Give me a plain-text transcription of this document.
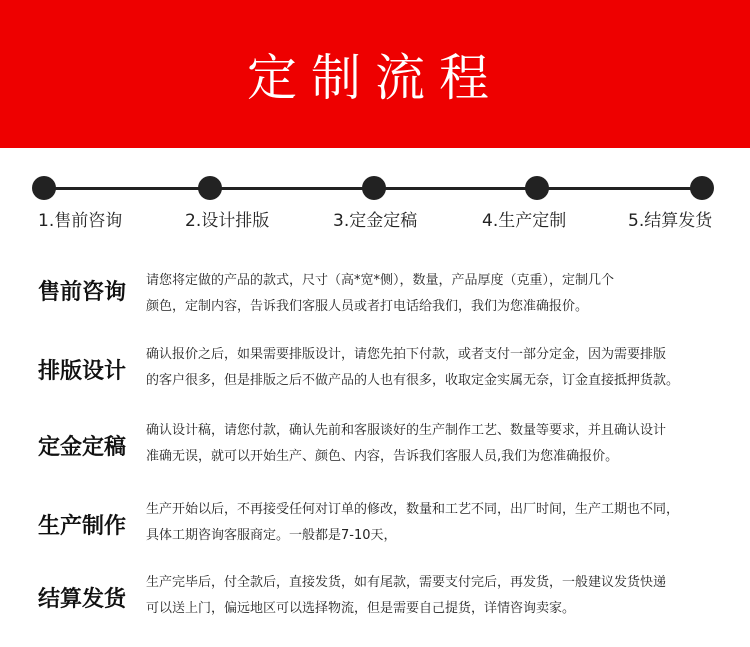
定制流程
1.售前咨询	2.设计排版	3.定金定稿	4.生产定制	5.结算发货
售前咨询 请您将定做的产品的款式，尺寸（高*宽*侧），数量，产品厚度（克重），定制几个
颜色，定制内容，告诉我们客服人员或者打电话给我们，我们为您准确报价。
排版设计
确认报价之后，如果需要排版设计，请您先拍下付款，或者支付一部分定金，因为需要排版
的客户很多，但是排版之后不做产品的人也有很多，收取定金实属无奈，订金直接抵押货款。
定金定稿
确认设计稿，请您付款，确认先前和客服谈好的生产制作工艺、数量等要求，并且确认设计
准确无误，就可以开始生产、颜色、内容，告诉我们客服人员,我们为您准确报价。
生产制作
生产开始以后，不再接受任何对订单的修改，数量和工艺不同，出厂时间，生产工期也不同，
具体工期咨询客服商定。一般都是7-10天，
结算发货
生产完毕后，付全款后，直接发货，如有尾款，需要支付完后，再发货，一般建议发货快递
可以送上门，偏远地区可以选择物流，但是需要自己提货，详情咨询卖家。
